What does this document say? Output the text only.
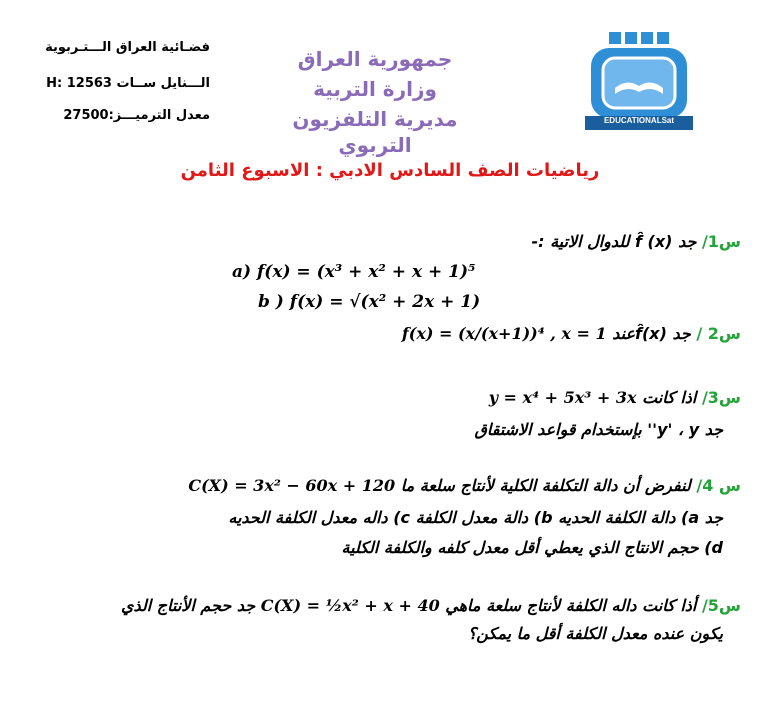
فضـائية العراق الـــتـربوية
الـــنايل ســات 12563 :H
معدل الترميـــز:27500
جمهورية العراق
وزارة التربية
مديرية التلفزيون التربوي
EDUCATIONALSat
رياضيات الصف السادس الادبي : الاسبوع الثامن
س1/ جد f̂ (x) للدوال الاتية :-
a) f(x) = (x³ + x² + x + 1)⁵
b ) f(x) = √(x² + 2x + 1)
س2 / جد f̂(x)عند f(x) = (x/(x+1))⁴ , x = 1
س3/ اذا كانت y = x⁴ + 5x³ + 3x
جد y' ، y'' بإستخدام قواعد الاشتقاق
س 4/ لنفرض أن دالة التكلفة الكلية لأنتاج سلعة ما C(X) = 3x² − 60x + 120
جد a) دالة الكلفة الحديه b) دالة معدل الكلفة c) داله معدل الكلفة الحديه
d) حجم الانتاج الذي يعطي أقل معدل كلفه والكلفة الكلية
س5/ أذا كانت داله الكلفة لأنتاج سلعة ماهي C(X) = ½x² + x + 40 جد حجم الأنتاج الذي
يكون عنده معدل الكلفة أقل ما يمكن؟
